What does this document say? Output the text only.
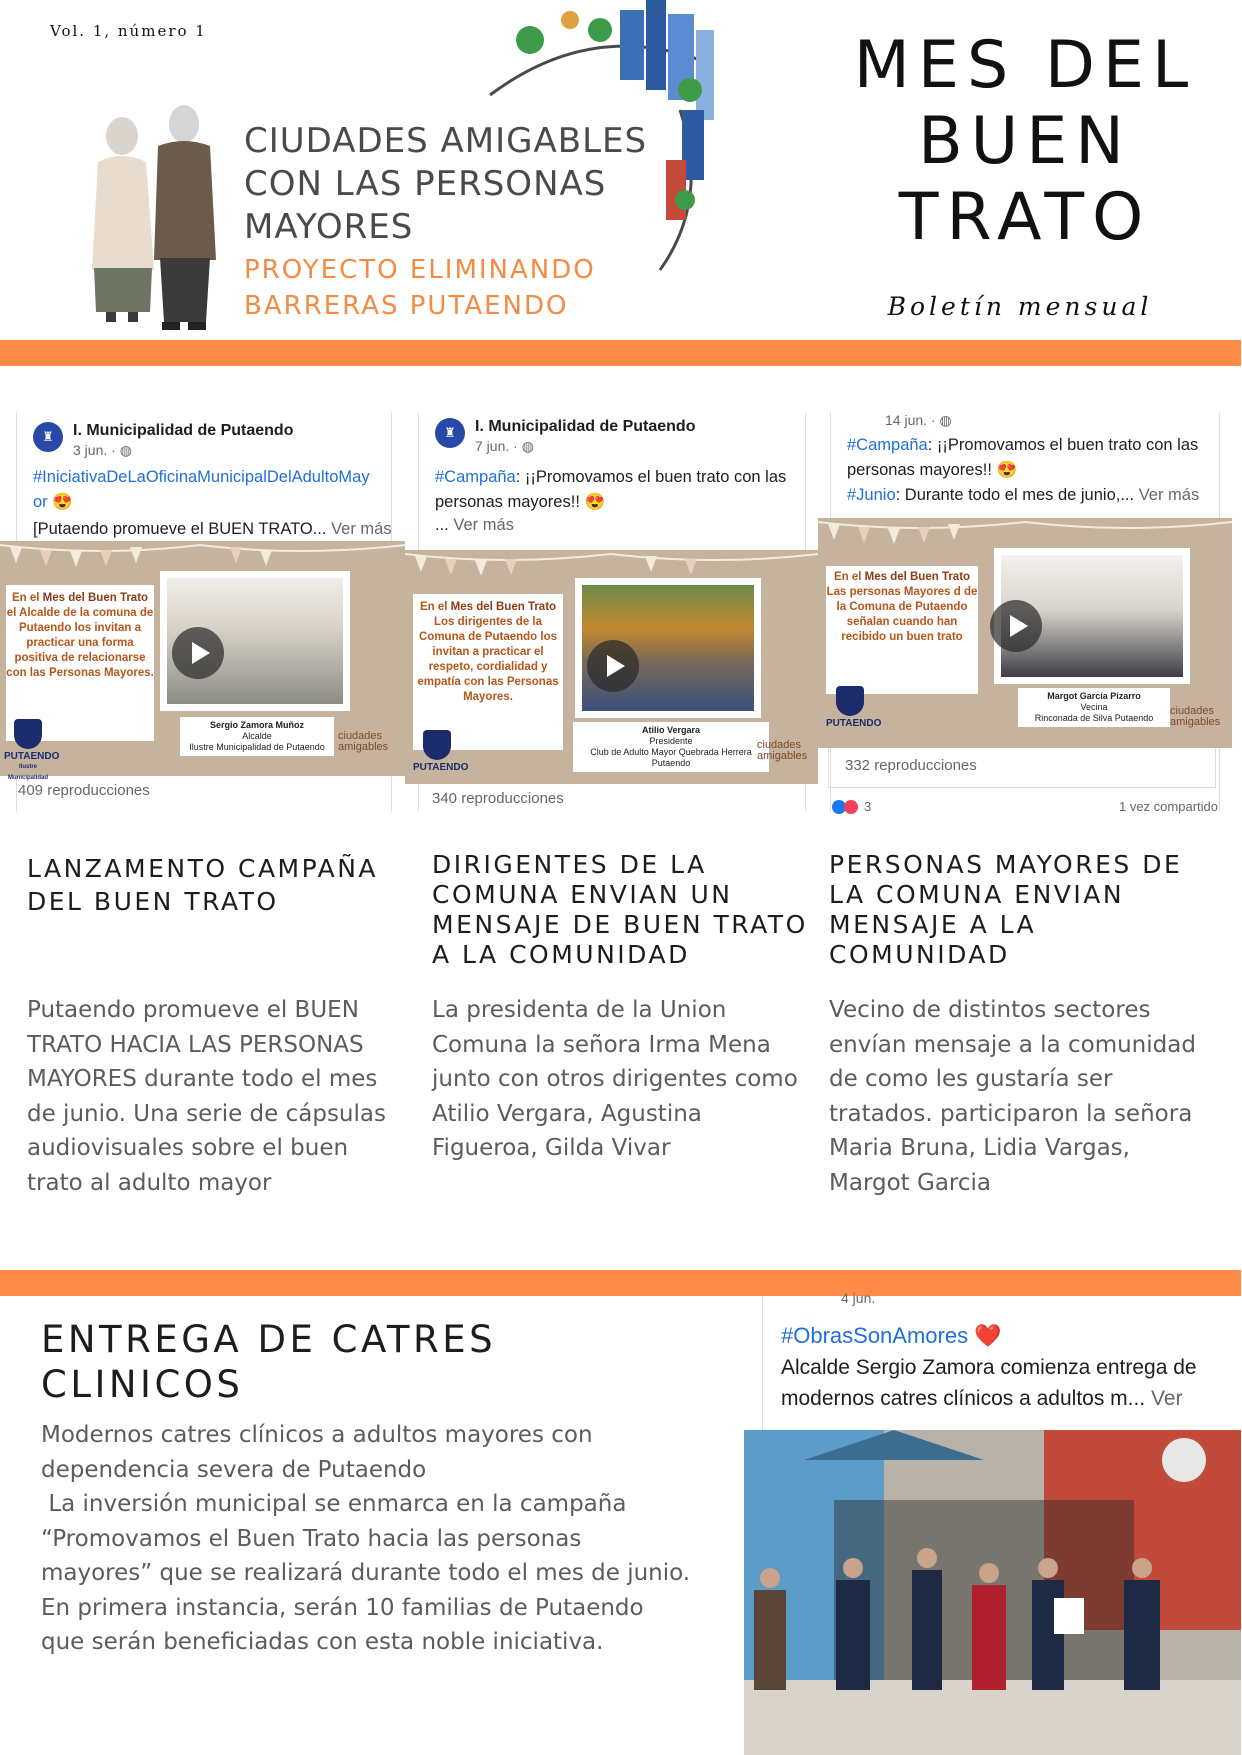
Vol. 1, número 1
CIUDADES AMIGABLES
CON LAS PERSONAS MAYORES
PROYECTO ELIMINANDO BARRERAS PUTAENDO
MES DEL BUEN TRATO
Boletín mensual
♜	I. Municipalidad de Putaendo
3 jun. · ◍
#IniciativaDeLaOficinaMunicipalDelAdultoMayor 😍
[Putaendo promueve el BUEN TRATO... Ver más
En el Mes del Buen Trato
el Alcalde de la comuna de Putaendo los invitan a practicar una forma positiva de relacionarse con las Personas Mayores.
Sergio Zamora Muñoz
Alcalde
Ilustre Municipalidad de Putaendo
PUTAENDO
Ilustre Municipalidad
ciudades amigables
409 reproducciones
♜	I. Municipalidad de Putaendo
7 jun. · ◍
#Campaña: ¡¡Promovamos el buen trato con las personas mayores!! 😍
... Ver más
En el Mes del Buen Trato
Los dirigentes de la Comuna de Putaendo los invitan a practicar el respeto, cordialidad y empatía con las Personas Mayores.
Atilio Vergara
Presidente
Club de Adulto Mayor Quebrada Herrera Putaendo
PUTAENDO
ciudades amigables
340 reproducciones
14 jun. · ◍
#Campaña: ¡¡Promovamos el buen trato con las personas mayores!! 😍
#Junio: Durante todo el mes de junio,... Ver más
En el Mes del Buen Trato
Las personas Mayores d de la Comuna de Putaendo señalan cuando han recibido un buen trato
Margot García Pizarro
Vecina
Rinconada de Silva Putaendo
PUTAENDO
ciudades amigables
332 reproducciones
3	1 vez compartido
LANZAMENTO CAMPAÑA DEL BUEN TRATO
Putaendo promueve el BUEN TRATO HACIA LAS PERSONAS MAYORES durante todo el mes de junio. Una serie de cápsulas audiovisuales sobre el buen trato al adulto mayor
DIRIGENTES DE LA COMUNA ENVIAN UN MENSAJE DE BUEN TRATO A LA COMUNIDAD
La presidenta de la Union Comuna la señora Irma Mena junto con otros dirigentes como Atilio Vergara, Agustina Figueroa, Gilda Vivar
PERSONAS MAYORES DE LA COMUNA ENVIAN MENSAJE A LA COMUNIDAD
Vecino de distintos sectores envían mensaje a la comunidad de como les gustaría ser tratados. participaron la señora Maria Bruna, Lidia Vargas, Margot Garcia
ENTREGA DE CATRES CLINICOS
Modernos catres clínicos a adultos mayores con dependencia severa de Putaendo
La inversión municipal se enmarca en la campaña “Promovamos el Buen Trato hacia las personas mayores” que se realizará durante todo el mes de junio. En primera instancia, serán 10 familias de Putaendo que serán beneficiadas con esta noble iniciativa.
4 jun.
#ObrasSonAmores ❤️
Alcalde Sergio Zamora comienza entrega de modernos catres clínicos a adultos m... Ver
